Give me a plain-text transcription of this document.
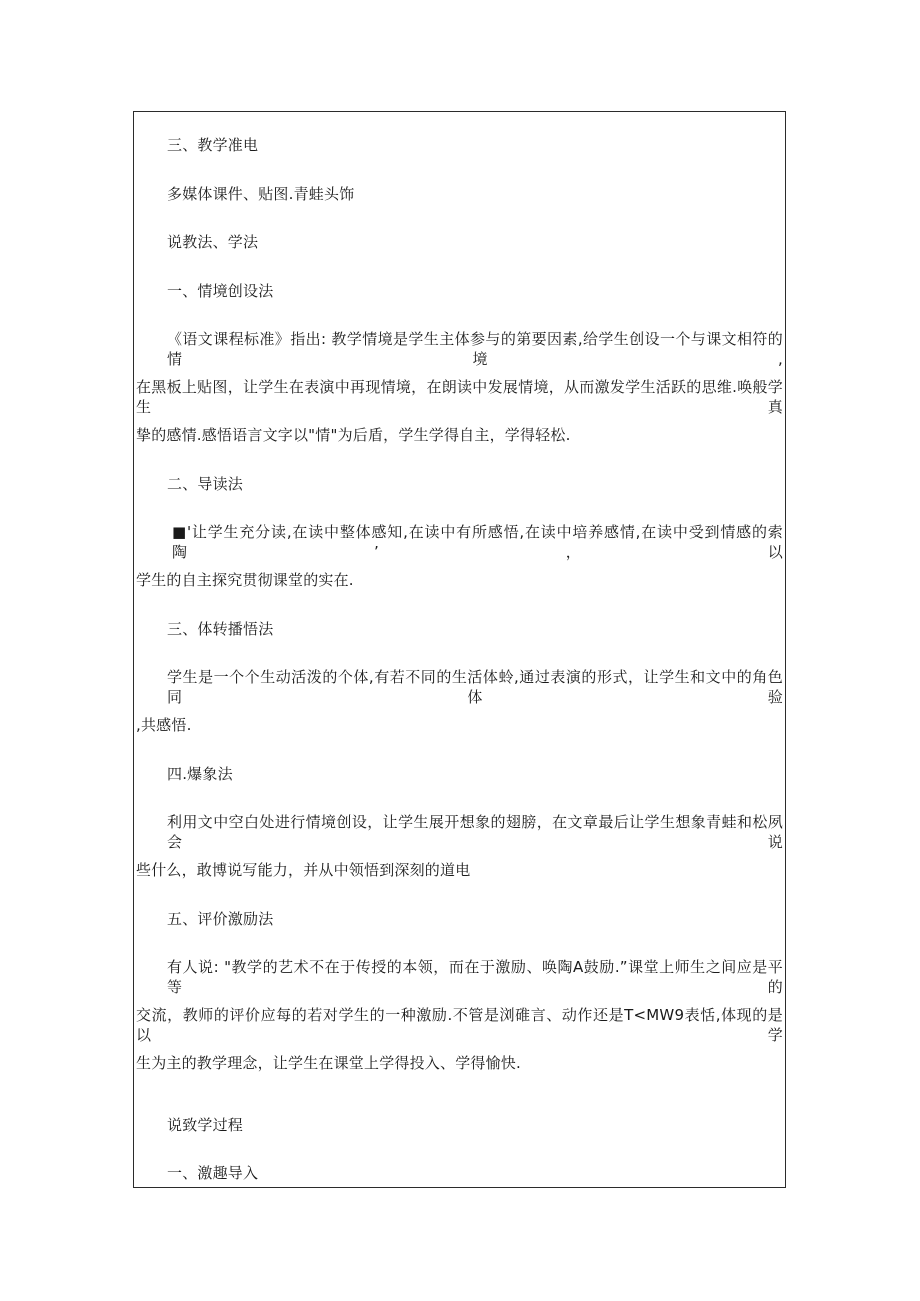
三、教学准电
多媒体课件、贴图.青蛙头饰
说教法、学法
一、情境创设法
《语文课程标准》指出: 教学情境是学生主体参与的第要因素,给学生创设一个与课文相符的情境,
在黑板上贴图，让学生在表演中再现情境，在朗读中发展情境，从而激发学生活跃的思维.唤般学生真
挚的感情.感悟语言文字以"情"为后盾，学生学得自主，学得轻松.
二、导读法
■'让学生充分读,在读中整体感知,在读中有所感悟,在读中培养感情,在读中受到情感的索陶’，以
学生的自主探究贯彻课堂的实在.
三、体转播悟法
学生是一个个生动活泼的个体,有若不同的生活体蛉,通过表演的形式，让学生和文中的角色同体验
,共感悟.
四.爆象法
利用文中空白处进行情境创设，让学生展开想象的翅膀，在文章最后让学生想象青蛙和松夙会说
些什么，敢博说写能力，并从中领悟到深刻的道电
五、评价激励法
有人说: "教学的艺术不在于传授的本领，而在于激励、唤陶A鼓励.”课堂上师生之间应是平等的
交流，教师的评价应每的若对学生的一种激励.不管是浏碓言、动作还是T<MW9表恬,体现的是以学
生为主的教学理念，让学生在课堂上学得投入、学得愉快.
说致学过程
一、激趣导入
